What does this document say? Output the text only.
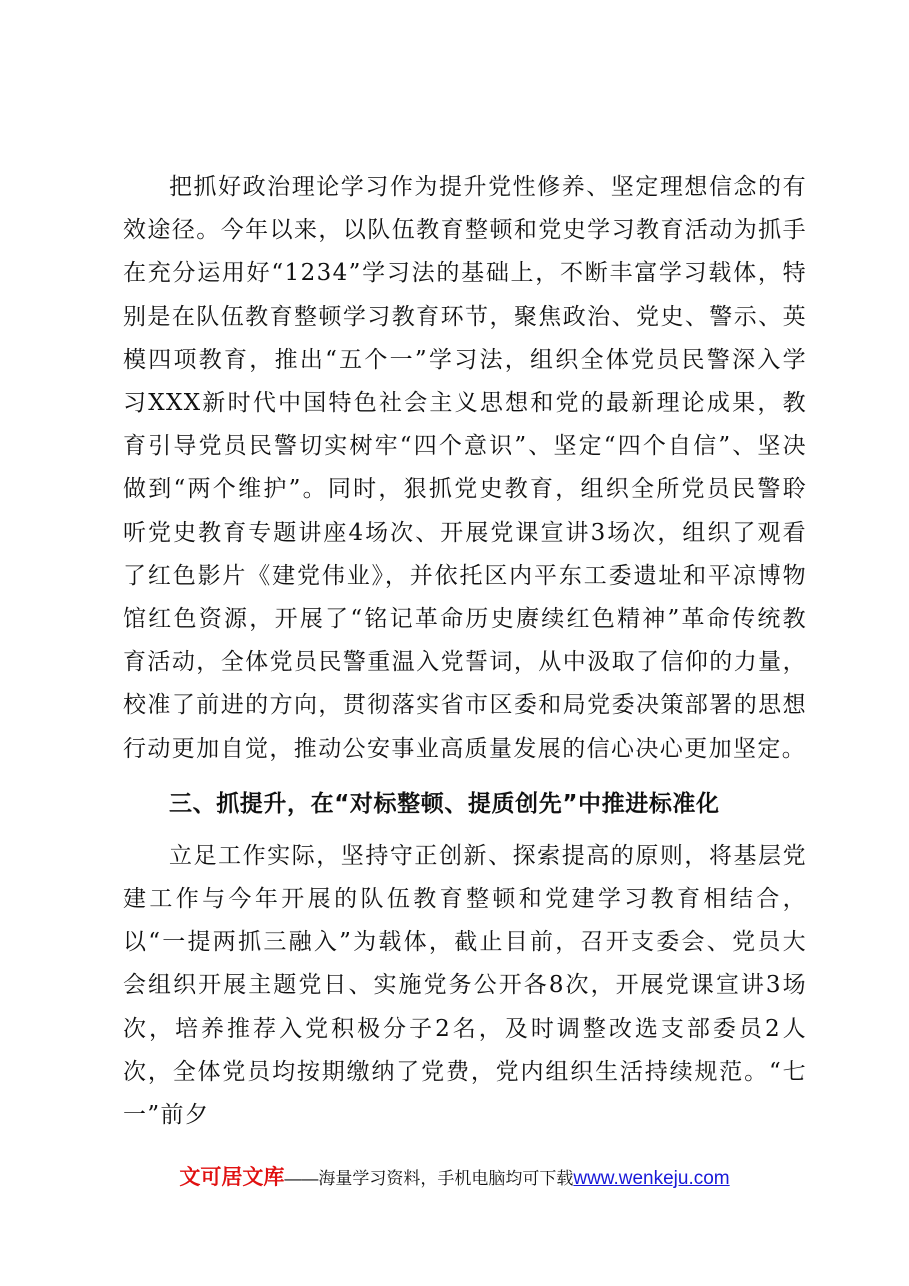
把抓好政治理论学习作为提升党性修养、坚定理想信念的有效途径。今年以来，以队伍教育整顿和党史学习教育活动为抓手在充分运用好“1234”学习法的基础上，不断丰富学习载体，特别是在队伍教育整顿学习教育环节，聚焦政治、党史、警示、英模四项教育，推出“五个一”学习法，组织全体党员民警深入学习XXX新时代中国特色社会主义思想和党的最新理论成果，教育引导党员民警切实树牢“四个意识”、坚定“四个自信”、坚决做到“两个维护”。同时，狠抓党史教育，组织全所党员民警聆听党史教育专题讲座4场次、开展党课宣讲3场次，组织了观看了红色影片《建党伟业》，并依托区内平东工委遗址和平凉博物馆红色资源，开展了“铭记革命历史赓续红色精神”革命传统教育活动，全体党员民警重温入党誓词，从中汲取了信仰的力量，校准了前进的方向，贯彻落实省市区委和局党委决策部署的思想行动更加自觉，推动公安事业高质量发展的信心决心更加坚定。

三、抓提升，在“对标整顿、提质创先”中推进标准化

立足工作实际，坚持守正创新、探索提高的原则，将基层党建工作与今年开展的队伍教育整顿和党建学习教育相结合，以“一提两抓三融入”为载体，截止目前，召开支委会、党员大会组织开展主题党日、实施党务公开各8次，开展党课宣讲3场次，培养推荐入党积极分子2名，及时调整改选支部委员2人次，全体党员均按期缴纳了党费，党内组织生活持续规范。“七一”前夕

文可居文库——海量学习资料，手机电脑均可下载www.wenkeju.com
